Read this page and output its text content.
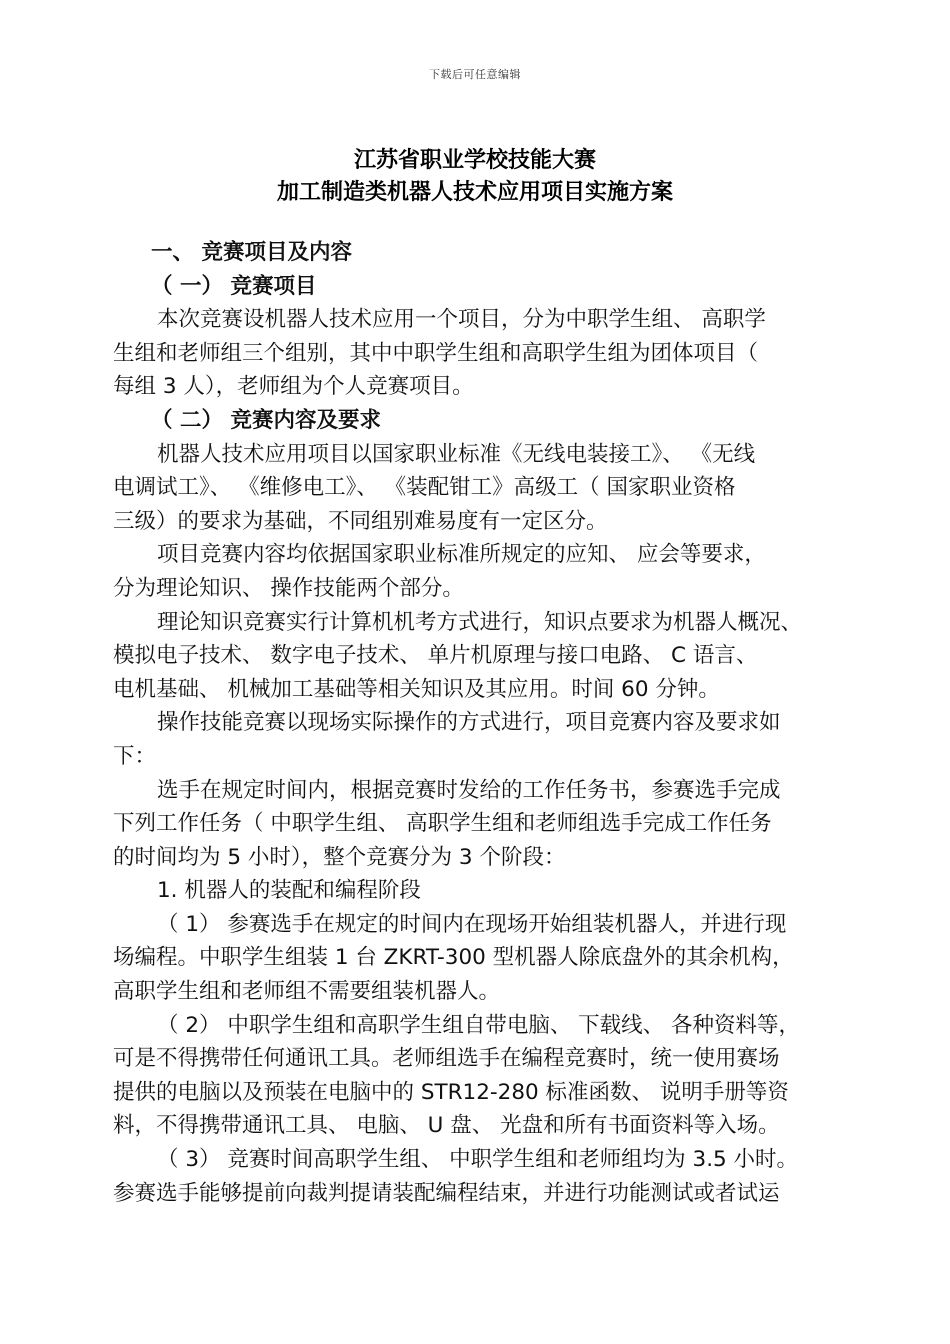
下载后可任意编辑
江苏省职业学校技能大赛
加工制造类机器人技术应用项目实施方案
一、 竞赛项目及内容
（ 一） 竞赛项目
本次竞赛设机器人技术应用一个项目，分为中职学生组、 高职学
生组和老师组三个组别，其中中职学生组和高职学生组为团体项目（
每组 3 人），老师组为个人竞赛项目。
（ 二） 竞赛内容及要求
机器人技术应用项目以国家职业标准《无线电装接工》、 《无线
电调试工》、 《维修电工》、 《装配钳工》高级工（ 国家职业资格
三级）的要求为基础，不同组别难易度有一定区分。
项目竞赛内容均依据国家职业标准所规定的应知、 应会等要求，
分为理论知识、 操作技能两个部分。
理论知识竞赛实行计算机机考方式进行，知识点要求为机器人概况、
模拟电子技术、 数字电子技术、 单片机原理与接口电路、 C 语言、
电机基础、 机械加工基础等相关知识及其应用。时间 60 分钟。
操作技能竞赛以现场实际操作的方式进行，项目竞赛内容及要求如
下：
选手在规定时间内，根据竞赛时发给的工作任务书，参赛选手完成
下列工作任务（ 中职学生组、 高职学生组和老师组选手完成工作任务
的时间均为 5 小时），整个竞赛分为 3 个阶段：
1. 机器人的装配和编程阶段
（ 1） 参赛选手在规定的时间内在现场开始组装机器人，并进行现
场编程。中职学生组装 1 台 ZKRT-300 型机器人除底盘外的其余机构，
高职学生组和老师组不需要组装机器人。
（ 2） 中职学生组和高职学生组自带电脑、 下载线、 各种资料等，
可是不得携带任何通讯工具。老师组选手在编程竞赛时，统一使用赛场
提供的电脑以及预装在电脑中的 STR12-280 标准函数、 说明手册等资
料，不得携带通讯工具、 电脑、 U 盘、 光盘和所有书面资料等入场。
（ 3） 竞赛时间高职学生组、 中职学生组和老师组均为 3.5 小时。
参赛选手能够提前向裁判提请装配编程结束，并进行功能测试或者试运
